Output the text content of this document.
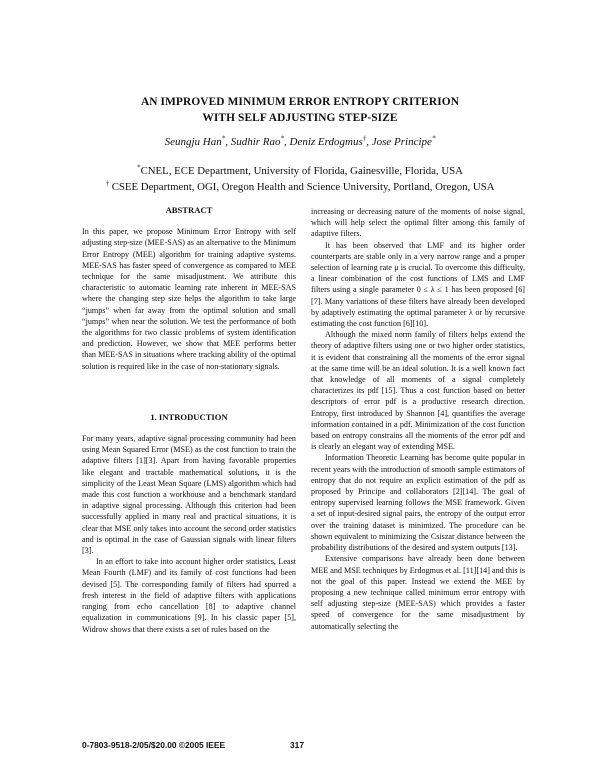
AN IMPROVED MINIMUM ERROR ENTROPY CRITERION
WITH SELF ADJUSTING STEP-SIZE
Seungju Han*, Sudhir Rao*, Deniz Erdogmus†, Jose Principe*
*CNEL, ECE Department, University of Florida, Gainesville, Florida, USA
† CSEE Department, OGI, Oregon Health and Science University, Portland, Oregon, USA
ABSTRACT

In this paper, we propose Minimum Error Entropy with self adjusting step-size (MEE-SAS) as an alternative to the Minimum Error Entropy (MEE) algorithm for training adaptive systems. MEE-SAS has faster speed of convergence as compared to MEE technique for the same misadjustment. We attribute this characteristic to automatic learning rate inherent in MEE-SAS where the changing step size helps the algorithm to take large “jumps” when far away from the optimal solution and small “jumps” when near the solution. We test the performance of both the algorithms for two classic problems of system identification and prediction. However, we show that MEE performs better than MEE-SAS in situations where tracking ability of the optimal solution is required like in the case of non-stationary signals.

1. INTRODUCTION

For many years, adaptive signal processing community had been using Mean Squared Error (MSE) as the cost function to train the adaptive filters [1][3]. Apart from having favorable properties like elegant and tractable mathematical solutions, it is the simplicity of the Least Mean Square (LMS) algorithm which had made this cost function a workhouse and a benchmark standard in adaptive signal processing. Although this criterion had been successfully applied in many real and practical situations, it is clear that MSE only takes into account the second order statistics and is optimal in the case of Gaussian signals with linear filters [3].

In an effort to take into account higher order statistics, Least Mean Fourth (LMF) and its family of cost functions had been devised [5]. The corresponding family of filters had spurred a fresh interest in the field of adaptive filters with applications ranging from echo cancellation [8] to adaptive channel equalization in communications [9]. In his classic paper [5], Widrow shows that there exists a set of rules based on the

increasing or decreasing nature of the moments of noise signal, which will help select the optimal filter among this family of adaptive filters.

It has been observed that LMF and its higher order counterparts are stable only in a very narrow range and a proper selection of learning rate μ is crucial. To overcome this difficulty, a linear combination of the cost functions of LMS and LMF filters using a single parameter 0 ≤ λ ≤ 1 has been proposed [6][7]. Many variations of these filters have already been developed by adaptively estimating the optimal parameter λ or by recursive estimating the cost function [6][10].

Although the mixed norm family of filters helps extend the theory of adaptive filters using one or two higher order statistics, it is evident that constraining all the moments of the error signal at the same time will be an ideal solution. It is a well known fact that knowledge of all moments of a signal completely characterizes its pdf [15]. Thus a cost function based on better descriptors of error pdf is a productive research direction. Entropy, first introduced by Shannon [4], quantifies the average information contained in a pdf. Minimization of the cost function based on entropy constrains all the moments of the error pdf and is clearly an elegant way of extending MSE.

Information Theoretic Learning has become quite popular in recent years with the introduction of smooth sample estimators of entropy that do not require an explicit estimation of the pdf as proposed by Principe and collaborators [2][14]. The goal of entropy supervised learning follows the MSE framework. Given a set of input-desired signal pairs, the entropy of the output error over the training dataset is minimized. The procedure can be shown equivalent to minimizing the Csiszar distance between the probability distributions of the desired and system outputs [13].

Extensive comparisons have already been done between MEE and MSE techniques by Erdogmus et al. [11][14] and this is not the goal of this paper. Instead we extend the MEE by proposing a new technique called minimum error entropy with self adjusting step-size (MEE-SAS) which provides a faster speed of convergence for the same misadjustment by automatically selecting the

0-7803-9518-2/05/$20.00 ©2005 IEEE	317
